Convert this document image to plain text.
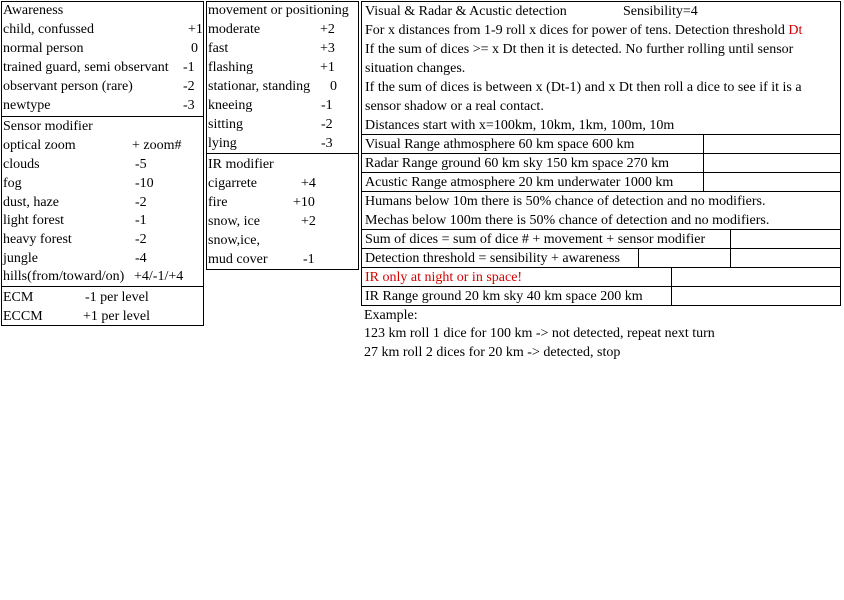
Awareness
child, confussed	+1
normal person	0
trained guard, semi observant -1
observant person (rare)	-2
newtype	-3
Sensor modifier
optical zoom	+ zoom#
clouds	-5
fog	-10
dust, haze	-2
light forest	-1
heavy forest	-2
jungle	-4
hills(from/toward/on) +4/-1/+4
ECM	-1 per level
ECCM	+1 per level
movement or positioning
moderate	+2
fast	+3
flashing	+1
stationar, standing 0
kneeing	-1
sitting	-2
lying	-3
IR modifier
cigarrete	+4
fire	+10
snow, ice	+2
snow,ice,
mud cover	-1
Visual & Radar & Acustic detection	Sensibility=4
For x distances from 1-9 roll x dices for power of tens. Detection threshold Dt
If the sum of dices >= x Dt then it is detected. No further rolling until sensor
situation changes.
If the sum of dices is between x (Dt-1) and x Dt then roll a dice to see if it is a
sensor shadow or a real contact.
Distances start with x=100km, 10km, 1km, 100m, 10m
Visual Range athmosphere 60 km space 600 km
Radar Range ground 60 km sky 150 km space 270 km
Acustic Range atmosphere 20 km underwater 1000 km
Humans below 10m there is 50% chance of detection and no modifiers.
Mechas below 100m there is 50% chance of detection and no modifiers.
Sum of dices = sum of dice # + movement + sensor modifier
Detection threshold = sensibility + awareness
IR only at night or in space!
IR Range ground 20 km sky 40 km space 200 km
Example:
123 km roll 1 dice for 100 km -> not detected, repeat next turn
27 km roll 2 dices for 20 km -> detected, stop
